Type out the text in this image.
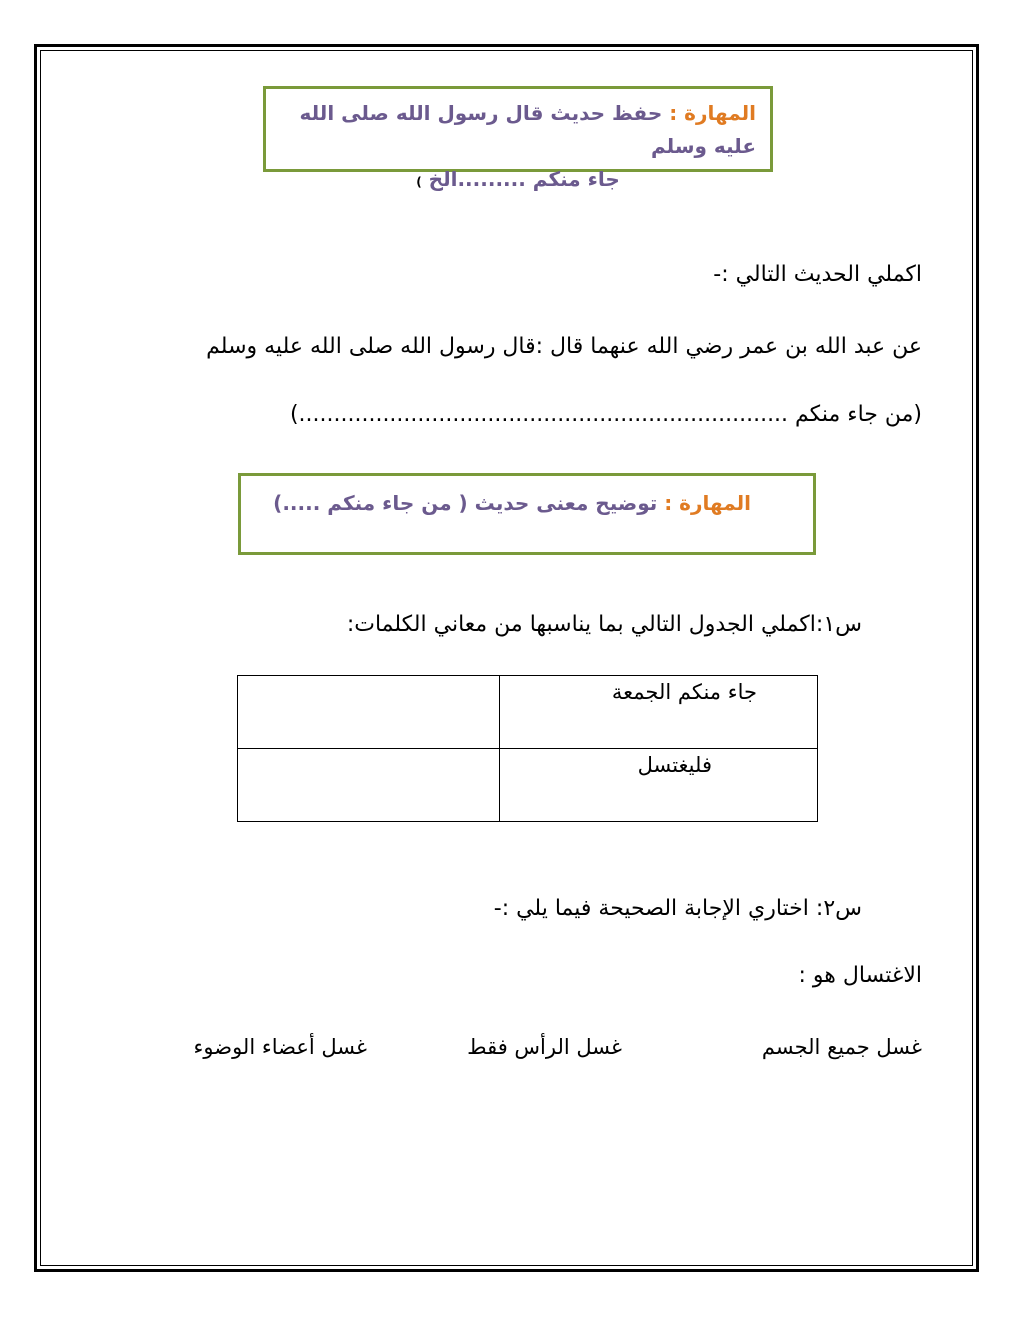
المهارة : حفظ حديث قال رسول الله صلى الله عليه وسلم
جاء منكم .........الخ )
اكملي الحديث التالي :-
عن عبد الله بن عمر رضي الله عنهما قال :قال رسول الله صلى الله عليه وسلم
(من جاء منكم ......................................................................)
المهارة : توضيح معنى حديث ( من جاء منكم .....)
س١:اكملي الجدول التالي بما يناسبها من معاني الكلمات:
جاء منكم الجمعة	
فليغتسل	
س٢: اختاري الإجابة الصحيحة فيما يلي :-
الاغتسال هو :
غسل جميع الجسم
غسل الرأس فقط
غسل أعضاء الوضوء
